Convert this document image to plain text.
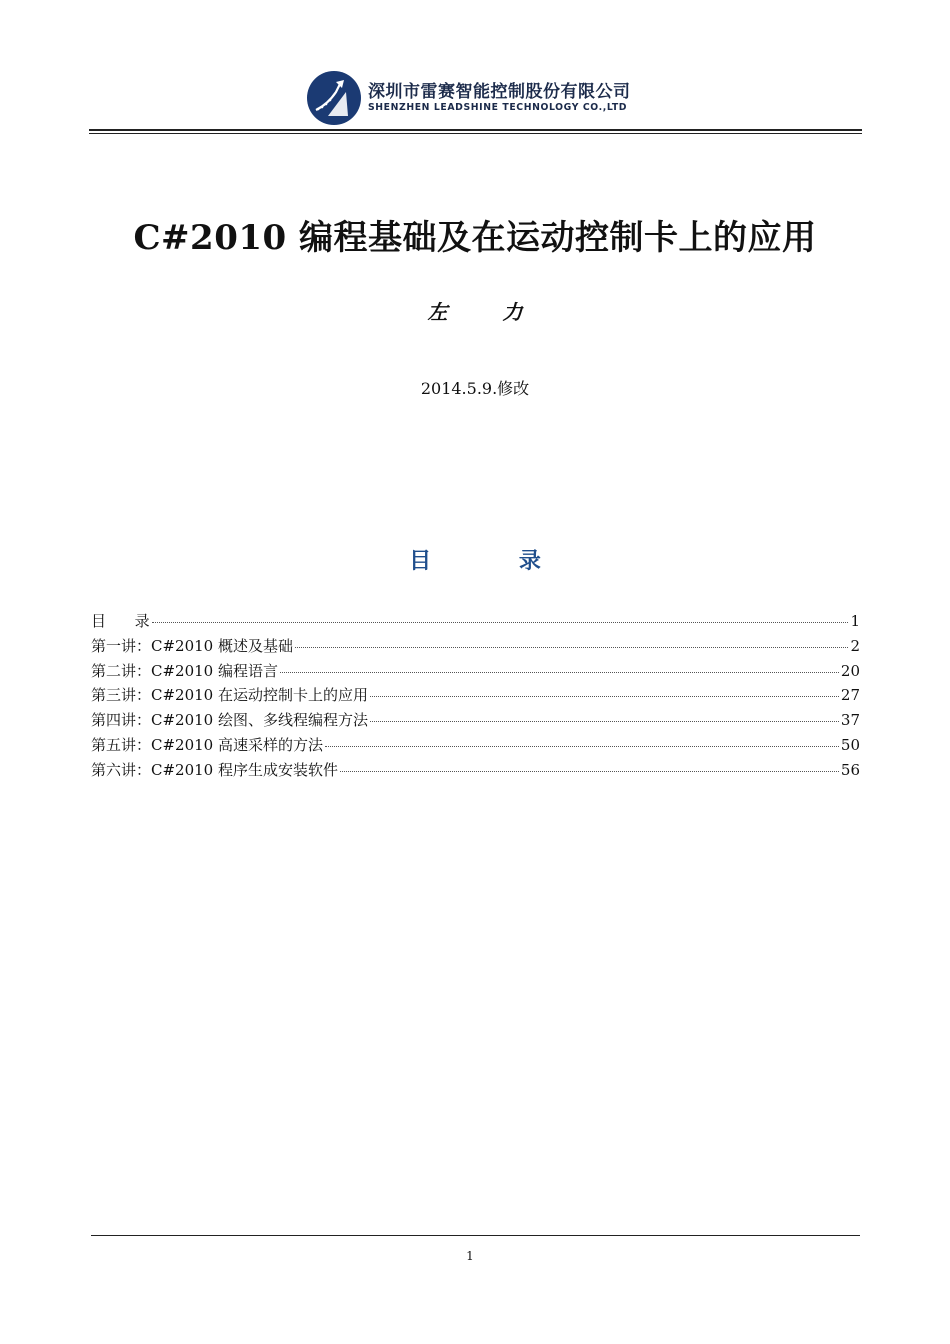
深圳市雷赛智能控制股份有限公司
SHENZHEN LEADSHINE TECHNOLOGY CO.,LTD
C#2010 编程基础及在运动控制卡上的应用
左 力
2014.5.9.修改
目 录
目      录	1
第一讲：C#2010 概述及基础	2
第二讲：C#2010 编程语言	20
第三讲：C#2010 在运动控制卡上的应用	27
第四讲：C#2010 绘图、多线程编程方法	37
第五讲：C#2010 高速采样的方法	50
第六讲：C#2010 程序生成安装软件	56
1
